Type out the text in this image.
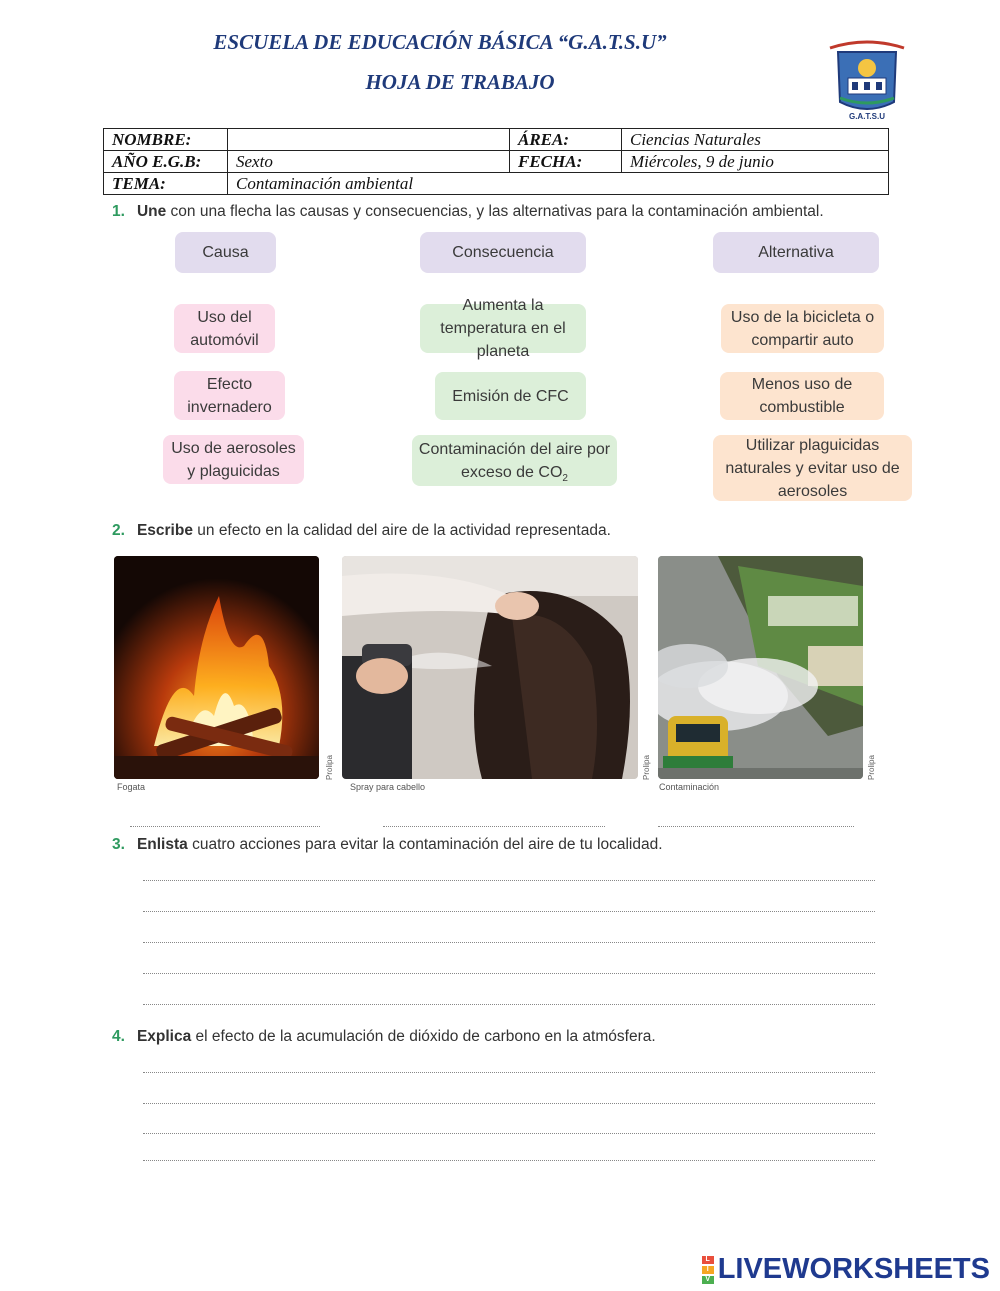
ESCUELA DE EDUCACIÓN BÁSICA “G.A.T.S.U”
HOJA DE TRABAJO
G.A.T.S.U
NOMBRE:		ÁREA:	Ciencias Naturales
AÑO E.G.B:	Sexto	FECHA:	Miércoles, 9 de junio
TEMA:	Contaminación ambiental		
1. Une con una flecha las causas y consecuencias, y las alternativas para la contaminación ambiental.
Causa	Consecuencia	Alternativa
Uso del automóvil
Efecto invernadero
Uso de aerosoles y plaguicidas
Aumenta la temperatura en el planeta
Emisión de CFC
Contaminación del aire por exceso de $CO_2$
Uso de la bicicleta o compartir auto
Menos uso de combustible
Utilizar plaguicidas naturales y evitar uso de aerosoles
2. Escribe un efecto en la calidad del aire de la actividad representada.
Fogata
Prolipa
Spray para cabello
Prolipa
Contaminación
Prolipa
3. Enlista cuatro acciones para evitar la contaminación del aire de tu localidad.
4. Explica el efecto de la acumulación de dióxido de carbono en la atmósfera.
L
I
V LIVEWORKSHEETS
